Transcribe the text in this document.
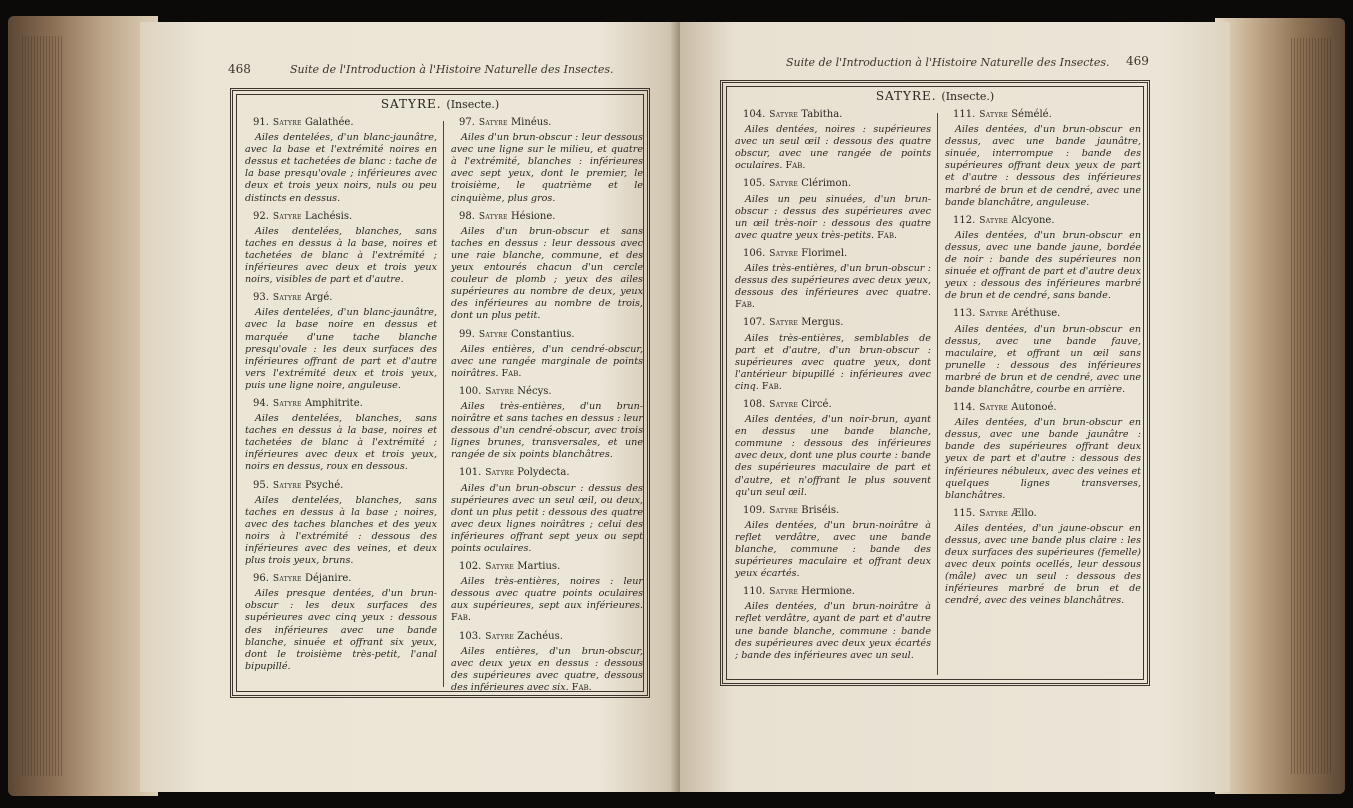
468	Suite de l'Introduction à l'Histoire Naturelle des Insectes.
SATYRE. (Insecte.)
91. Satyre Galathée.
Ailes dentelées, d'un blanc-jaunâtre, avec la base et l'extrémité noires en dessus et tachetées de blanc : tache de la base presqu'ovale ; inférieures avec deux et trois yeux noirs, nuls ou peu distincts en dessus.
92. Satyre Lachésis.
Ailes dentelées, blanches, sans taches en dessus à la base, noires et tachetées de blanc à l'extrémité ; inférieures avec deux et trois yeux noirs, visibles de part et d'autre.
93. Satyre Argé.
Ailes dentelées, d'un blanc-jaunâtre, avec la base noire en dessus et marquée d'une tache blanche presqu'ovale : les deux surfaces des inférieures offrant de part et d'autre vers l'extrémité deux et trois yeux, puis une ligne noire, anguleuse.
94. Satyre Amphitrite.
Ailes dentelées, blanches, sans taches en dessus à la base, noires et tachetées de blanc à l'extrémité ; inférieures avec deux et trois yeux, noirs en dessus, roux en dessous.
95. Satyre Psyché.
Ailes dentelées, blanches, sans taches en dessus à la base ; noires, avec des taches blanches et des yeux noirs à l'extrémité : dessous des inférieures avec des veines, et deux plus trois yeux, bruns.
96. Satyre Déjanire.
Ailes presque dentées, d'un brun-obscur : les deux surfaces des supérieures avec cinq yeux : dessous des inférieures avec une bande blanche, sinuée et offrant six yeux, dont le troisième très-petit, l'anal bipupillé.
97. Satyre Minéus.
Ailes d'un brun-obscur : leur dessous avec une ligne sur le milieu, et quatre à l'extrémité, blanches : inférieures avec sept yeux, dont le premier, le troisième, le quatrième et le cinquième, plus gros.
98. Satyre Hésione.
Ailes d'un brun-obscur et sans taches en dessus : leur dessous avec une raie blanche, commune, et des yeux entourés chacun d'un cercle couleur de plomb ; yeux des ailes supérieures au nombre de deux, yeux des inférieures au nombre de trois, dont un plus petit.
99. Satyre Constantius.
Ailes entières, d'un cendré-obscur, avec une rangée marginale de points noirâtres. Fab.
100. Satyre Nécys.
Ailes très-entières, d'un brun-noirâtre et sans taches en dessus : leur dessous d'un cendré-obscur, avec trois lignes brunes, transversales, et une rangée de six points blanchâtres.
101. Satyre Polydecta.
Ailes d'un brun-obscur : dessus des supérieures avec un seul œil, ou deux, dont un plus petit : dessous des quatre avec deux lignes noirâtres ; celui des inférieures offrant sept yeux ou sept points oculaires.
102. Satyre Martius.
Ailes très-entières, noires : leur dessous avec quatre points oculaires aux supérieures, sept aux inférieures. Fab.
103. Satyre Zachéus.
Ailes entières, d'un brun-obscur, avec deux yeux en dessus : dessous des supérieures avec quatre, dessous des inférieures avec six. Fab.
Suite de l'Introduction à l'Histoire Naturelle des Insectes. 469
SATYRE. (Insecte.)
104. Satyre Tabitha.
Ailes dentées, noires : supérieures avec un seul œil : dessous des quatre obscur, avec une rangée de points oculaires. Fab.
105. Satyre Clérimon.
Ailes un peu sinuées, d'un brun-obscur : dessus des supérieures avec un œil très-noir : dessous des quatre avec quatre yeux très-petits. Fab.
106. Satyre Florimel.
Ailes très-entières, d'un brun-obscur : dessus des supérieures avec deux yeux, dessous des inférieures avec quatre. Fab.
107. Satyre Mergus.
Ailes très-entières, semblables de part et d'autre, d'un brun-obscur : supérieures avec quatre yeux, dont l'antérieur bipupillé : inférieures avec cinq. Fab.
108. Satyre Circé.
Ailes dentées, d'un noir-brun, ayant en dessus une bande blanche, commune : dessous des inférieures avec deux, dont une plus courte : bande des supérieures maculaire de part et d'autre, et n'offrant le plus souvent qu'un seul œil.
109. Satyre Briséis.
Ailes dentées, d'un brun-noirâtre à reflet verdâtre, avec une bande blanche, commune : bande des supérieures maculaire et offrant deux yeux écartés.
110. Satyre Hermione.
Ailes dentées, d'un brun-noirâtre à reflet verdâtre, ayant de part et d'autre une bande blanche, commune : bande des supérieures avec deux yeux écartés ; bande des inférieures avec un seul.
111. Satyre Sémélé.
Ailes dentées, d'un brun-obscur en dessus, avec une bande jaunâtre, sinuée, interrompue : bande des supérieures offrant deux yeux de part et d'autre : dessous des inférieures marbré de brun et de cendré, avec une bande blanchâtre, anguleuse.
112. Satyre Alcyone.
Ailes dentées, d'un brun-obscur en dessus, avec une bande jaune, bordée de noir : bande des supérieures non sinuée et offrant de part et d'autre deux yeux : dessous des inférieures marbré de brun et de cendré, sans bande.
113. Satyre Aréthuse.
Ailes dentées, d'un brun-obscur en dessus, avec une bande fauve, maculaire, et offrant un œil sans prunelle : dessous des inférieures marbré de brun et de cendré, avec une bande blanchâtre, courbe en arrière.
114. Satyre Autonoé.
Ailes dentées, d'un brun-obscur en dessus, avec une bande jaunâtre : bande des supérieures offrant deux yeux de part et d'autre : dessous des inférieures nébuleux, avec des veines et quelques lignes transverses, blanchâtres.
115. Satyre Ællo.
Ailes dentées, d'un jaune-obscur en dessus, avec une bande plus claire : les deux surfaces des supérieures (femelle) avec deux points ocellés, leur dessous (mâle) avec un seul : dessous des inférieures marbré de brun et de cendré, avec des veines blanchâtres.
